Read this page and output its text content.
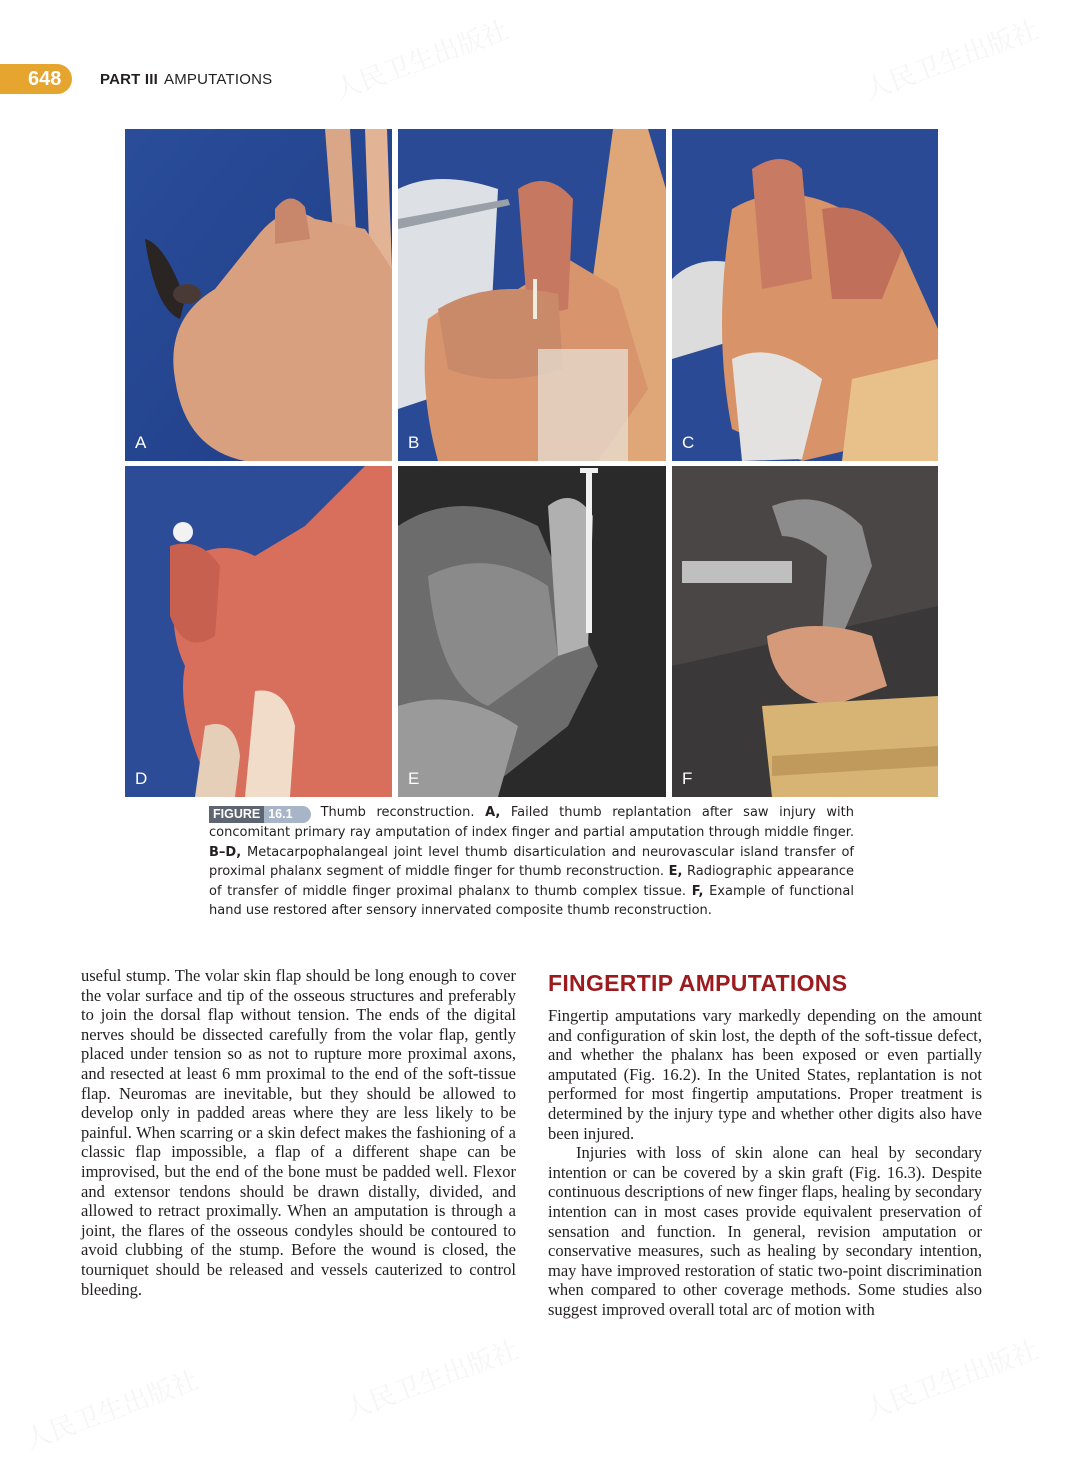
人民卫生出版社	人民卫生出版社
人民卫生出版社	人民卫生出版社	人民卫生出版社
648	PART III AMPUTATIONS
A	B	C
D	E	F
FIGURE 16.1 Thumb reconstruction. A, Failed thumb replantation after saw injury with concomitant primary ray amputation of index finger and partial amputation through middle finger. B–D, Metacarpophalangeal joint level thumb disarticulation and neurovascular island transfer of proximal phalanx segment of middle finger for thumb reconstruction. E, Radiographic appearance of transfer of middle finger proximal phalanx to thumb complex tissue. F, Example of functional hand use restored after sensory innervated composite thumb reconstruction.

useful stump. The volar skin flap should be long enough to cover the volar surface and tip of the osseous structures and preferably to join the dorsal flap without tension. The ends of the digital nerves should be dissected carefully from the volar flap, gently placed under tension so as not to rupture more proximal axons, and resected at least 6 mm proximal to the end of the soft-tissue flap. Neuromas are inevitable, but they should be allowed to develop only in padded areas where they are less likely to be painful. When scarring or a skin defect makes the fashioning of a classic flap impossible, a flap of a different shape can be improvised, but the end of the bone must be padded well. Flexor and extensor tendons should be drawn distally, divided, and allowed to retract proximally. When an amputation is through a joint, the flares of the osseous condyles should be contoured to avoid clubbing of the stump. Before the wound is closed, the tourniquet should be released and vessels cauterized to control bleeding.

FINGERTIP AMPUTATIONS

Fingertip amputations vary markedly depending on the amount and configuration of skin lost, the depth of the soft-tissue defect, and whether the phalanx has been exposed or even partially amputated (Fig. 16.2). In the United States, replantation is not performed for most fingertip amputations. Proper treatment is determined by the injury type and whether other digits also have been injured.

Injuries with loss of skin alone can heal by secondary intention or can be covered by a skin graft (Fig. 16.3). Despite continuous descriptions of new finger flaps, healing by secondary intention can in most cases provide equivalent preservation of sensation and function. In general, revision amputation or conservative measures, such as healing by secondary intention, may have improved restoration of static two-point discrimination when compared to other coverage methods. Some studies also suggest improved overall total arc of motion with
